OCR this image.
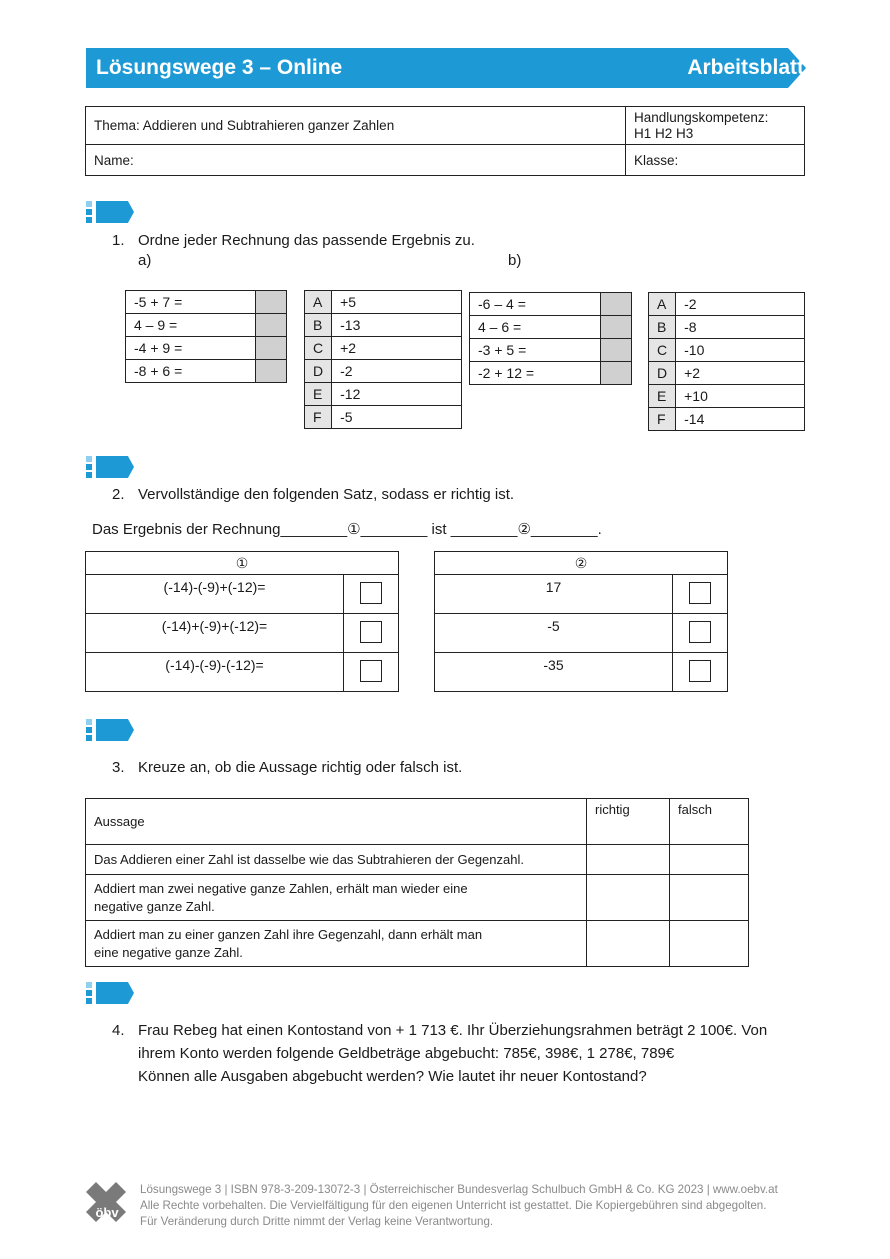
Lösungswege 3 – Online	Arbeitsblatt
Thema: Addieren und Subtrahieren ganzer Zahlen	Handlungskompetenz:
H1 H2 H3

Name:	Klasse:
1. Ordne jeder Rechnung das passende Ergebnis zu.
a)	b)
-5 + 7 =	
4 – 9 =	
-4 + 9 =	
-8 + 6 =	
A	+5
B	-13
C	+2
D	-2
E	-12
F	-5
-6 – 4 =	
4 – 6 =	
-3 + 5 =	
-2 + 12 =	
A	-2
B	-8
C	-10
D	+2
E	+10
F	-14
2. Vervollständige den folgenden Satz, sodass er richtig ist.
Das Ergebnis der Rechnung________①________ ist ________②________.
①	
(-14)-(-9)+(-12)=	
(-14)+(-9)+(-12)=	
(-14)-(-9)-(-12)=	
②	
17	
-5	
-35	
3. Kreuze an, ob die Aussage richtig oder falsch ist.
Aussage	richtig	falsch
Das Addieren einer Zahl ist dasselbe wie das Subtrahieren der Gegenzahl.		
Addiert man zwei negative ganze Zahlen, erhält man wieder eine negative ganze Zahl.		
Addiert man zu einer ganzen Zahl ihre Gegenzahl, dann erhält man eine negative ganze Zahl.		
4. Frau Rebeg hat einen Kontostand von + 1 713 €. Ihr Überziehungsrahmen beträgt 2 100€. Von
ihrem Konto werden folgende Geldbeträge abgebucht: 785€, 398€, 1 278€, 789€
Können alle Ausgaben abgebucht werden? Wie lautet ihr neuer Kontostand?
öbv
Lösungswege 3 | ISBN 978-3-209-13072-3 | Österreichischer Bundesverlag Schulbuch GmbH & Co. KG 2023 | www.oebv.at
Alle Rechte vorbehalten. Die Vervielfältigung für den eigenen Unterricht ist gestattet. Die Kopiergebühren sind abgegolten.
Für Veränderung durch Dritte nimmt der Verlag keine Verantwortung.
